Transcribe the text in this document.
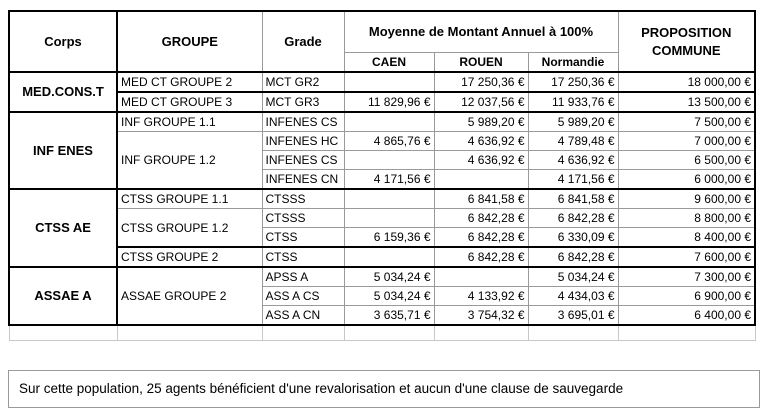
Corps	GROUPE	Grade	Moyenne de Montant Annuel à 100%			PROPOSITION COMMUNE
			CAEN	ROUEN	Normandie	
MED.CONS.T	MED CT GROUPE 2	MCT GR2		17 250,36 €	17 250,36 €	18 000,00 €
	MED CT GROUPE 3	MCT GR3	11 829,96 €	12 037,56 €	11 933,76 €	13 500,00 €
INF ENES	INF GROUPE 1.1	INFENES CS		5 989,20 €	5 989,20 €	7 500,00 €
	INF GROUPE 1.2	INFENES HC	4 865,76 €	4 636,92 €	4 789,48 €	7 000,00 €
		INFENES CS		4 636,92 €	4 636,92 €	6 500,00 €
		INFENES CN	4 171,56 €		4 171,56 €	6 000,00 €
CTSS AE	CTSS GROUPE 1.1	CTSSS		6 841,58 €	6 841,58 €	9 600,00 €
	CTSS GROUPE 1.2	CTSSS		6 842,28 €	6 842,28 €	8 800,00 €
		CTSS	6 159,36 €	6 842,28 €	6 330,09 €	8 400,00 €
	CTSS GROUPE 2	CTSS		6 842,28 €	6 842,28 €	7 600,00 €
ASSAE A	ASSAE GROUPE 2	APSS A	5 034,24 €		5 034,24 €	7 300,00 €
		ASS A CS	5 034,24 €	4 133,92 €	4 434,03 €	6 900,00 €
		ASS A CN	3 635,71 €	3 754,32 €	3 695,01 €	6 400,00 €

Sur cette population, 25 agents bénéficient d'une revalorisation et aucun d'une clause de sauvegarde
